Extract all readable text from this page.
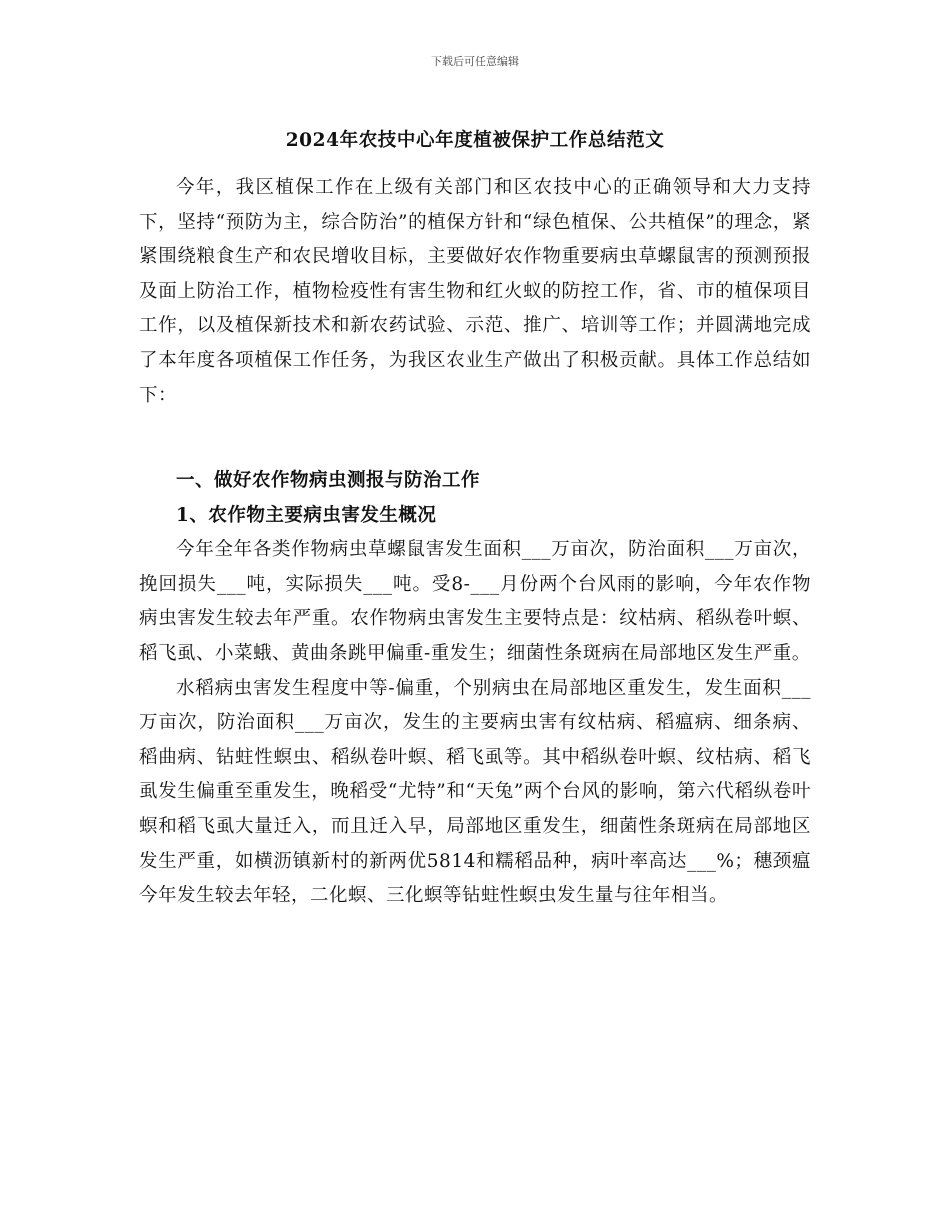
下载后可任意编辑
2024年农技中心年度植被保护工作总结范文

今年，我区植保工作在上级有关部门和区农技中心的正确领导和大力支持下，坚持“预防为主，综合防治”的植保方针和“绿色植保、公共植保”的理念，紧紧围绕粮食生产和农民增收目标，主要做好农作物重要病虫草螺鼠害的预测预报及面上防治工作，植物检疫性有害生物和红火蚁的防控工作，省、市的植保项目工作，以及植保新技术和新农药试验、示范、推广、培训等工作；并圆满地完成了本年度各项植保工作任务，为我区农业生产做出了积极贡献。具体工作总结如下：

一、做好农作物病虫测报与防治工作
1、农作物主要病虫害发生概况

今年全年各类作物病虫草螺鼠害发生面积___万亩次，防治面积___万亩次，挽回损失___吨，实际损失___吨。受8-___月份两个台风雨的影响，今年农作物病虫害发生较去年严重。农作物病虫害发生主要特点是：纹枯病、稻纵卷叶螟、稻飞虱、小菜蛾、黄曲条跳甲偏重-重发生；细菌性条斑病在局部地区发生严重。

水稻病虫害发生程度中等-偏重，个别病虫在局部地区重发生，发生面积___万亩次，防治面积___万亩次，发生的主要病虫害有纹枯病、稻瘟病、细条病、稻曲病、钻蛀性螟虫、稻纵卷叶螟、稻飞虱等。其中稻纵卷叶螟、纹枯病、稻飞虱发生偏重至重发生，晚稻受“尤特”和“天兔”两个台风的影响，第六代稻纵卷叶螟和稻飞虱大量迁入，而且迁入早，局部地区重发生，细菌性条斑病在局部地区发生严重，如横沥镇新村的新两优5814和糯稻品种，病叶率高达___%；穗颈瘟今年发生较去年轻，二化螟、三化螟等钻蛀性螟虫发生量与往年相当。
